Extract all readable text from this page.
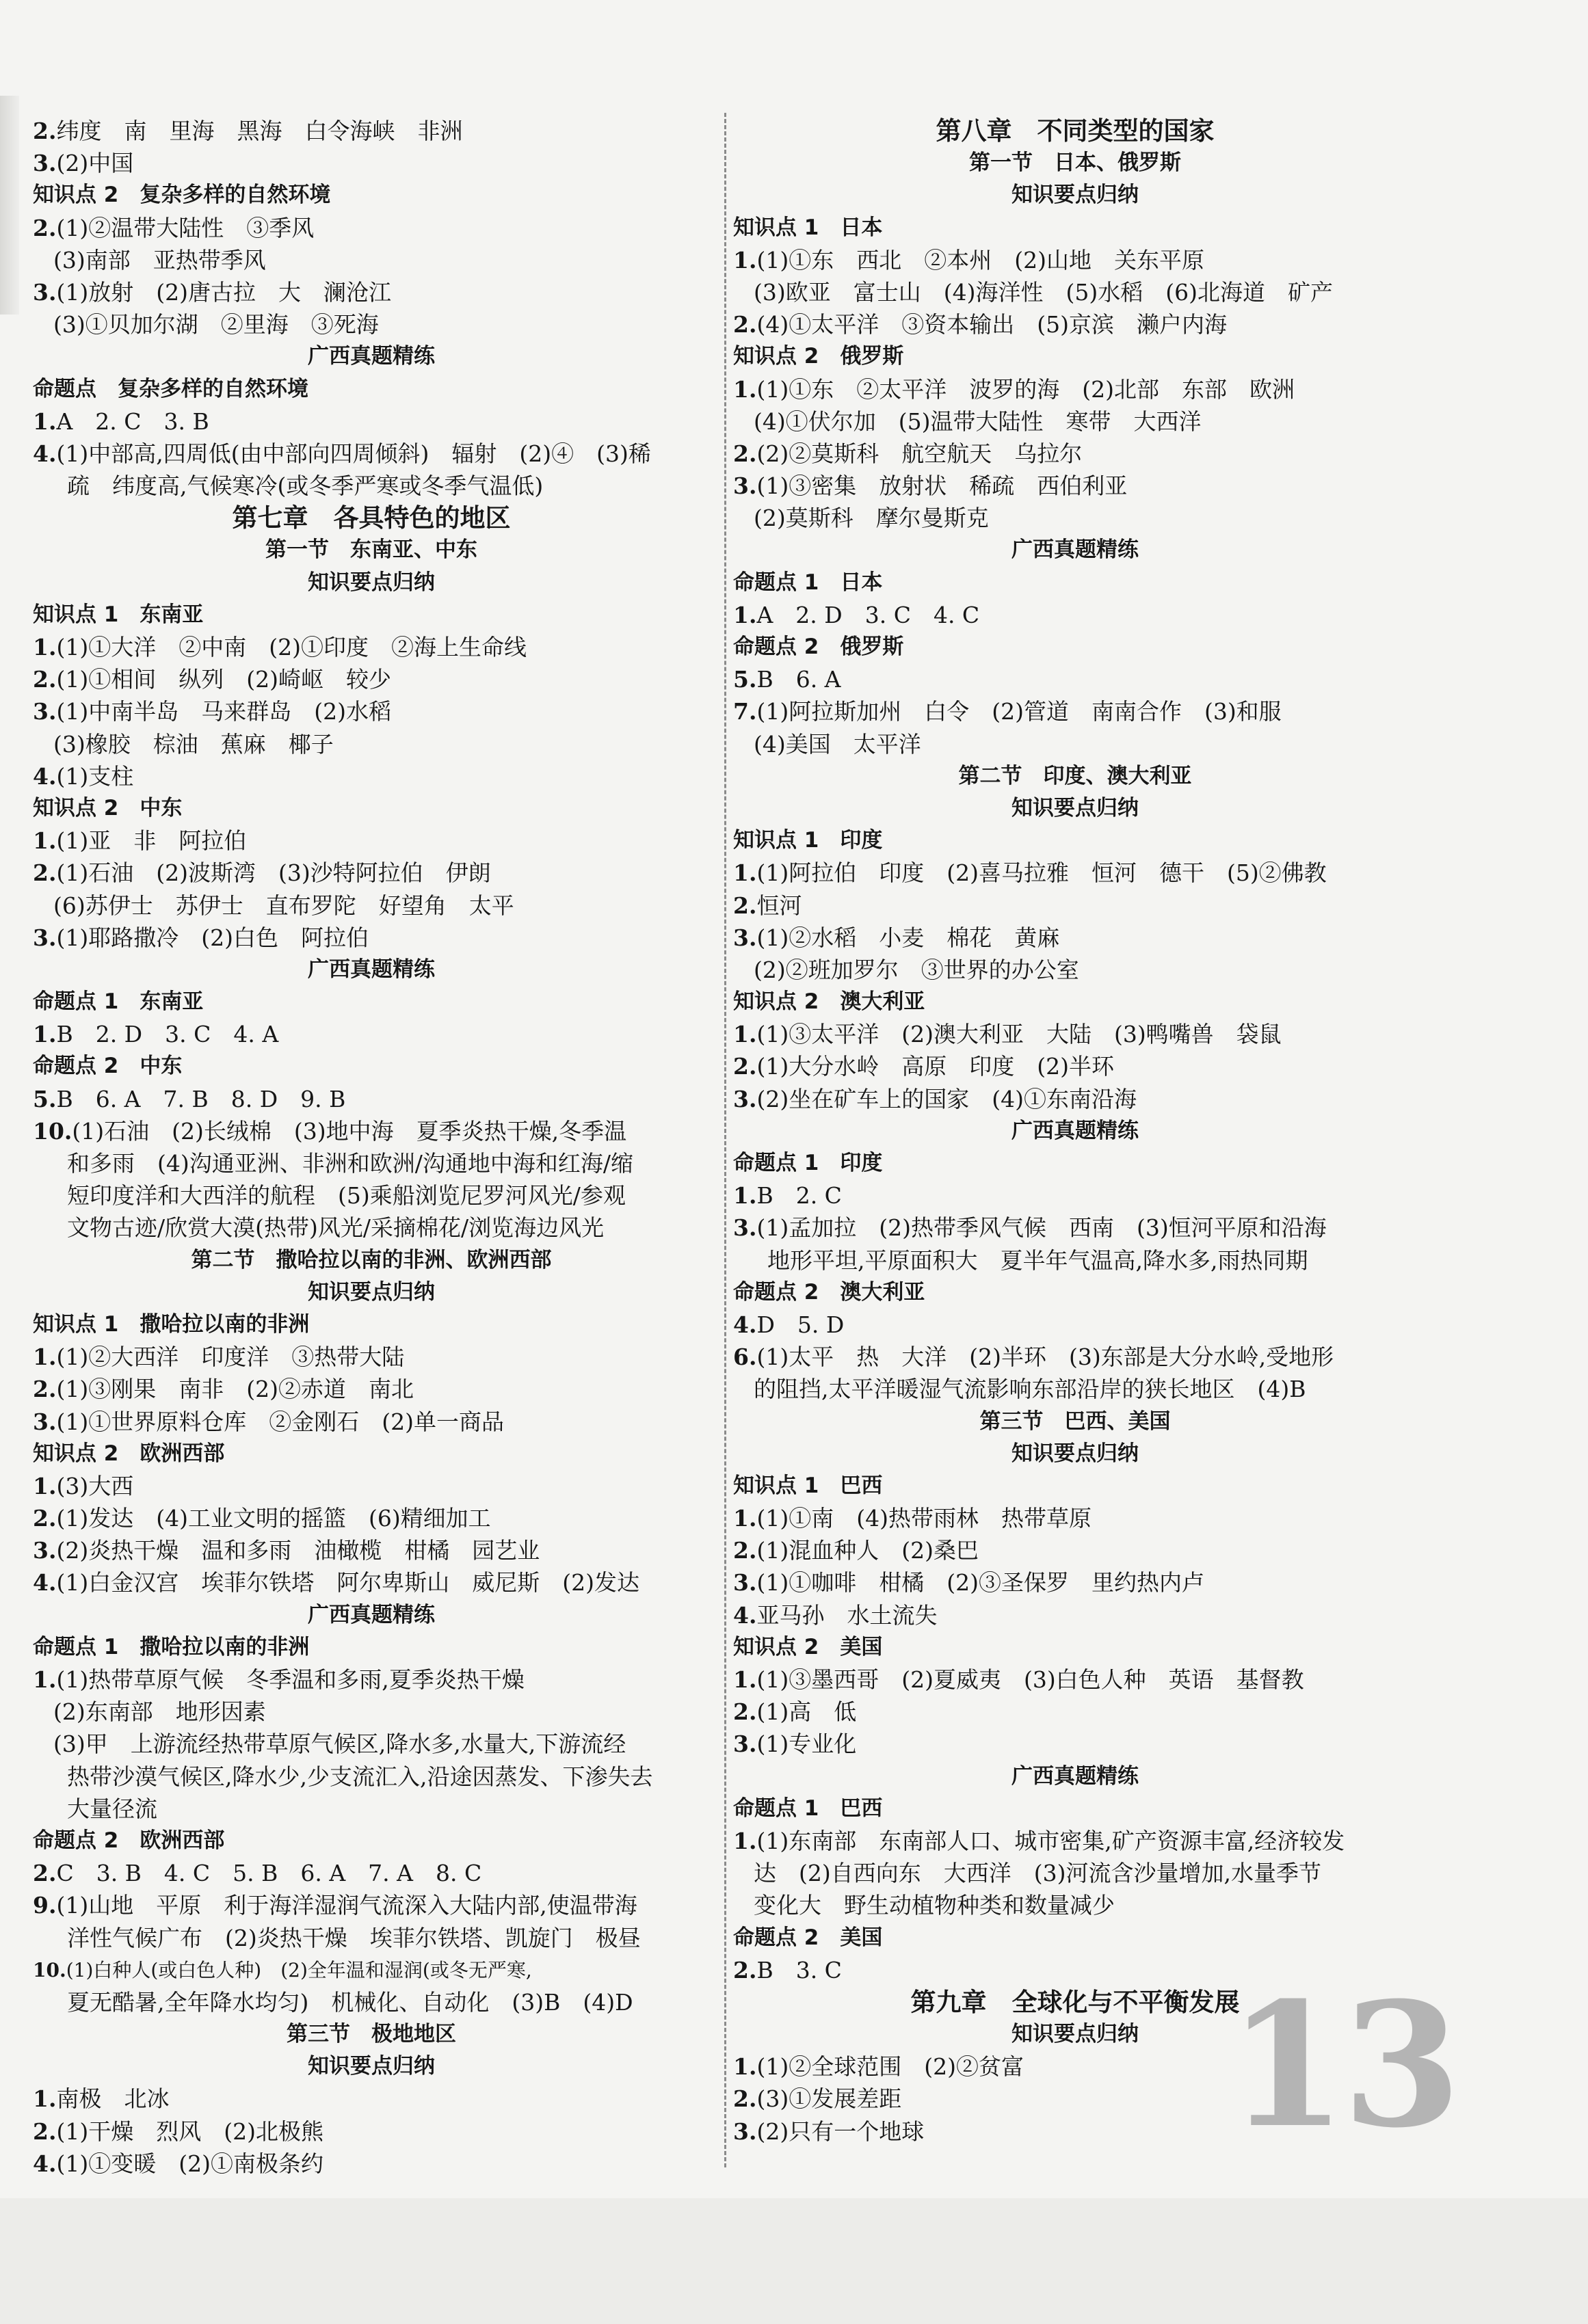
2.纬度　南　里海　黑海　白令海峡　非洲
3.(2)中国
知识点 2　复杂多样的自然环境
2.(1)②温带大陆性　③季风
(3)南部　亚热带季风
3.(1)放射　(2)唐古拉　大　澜沧江
(3)①贝加尔湖　②里海　③死海
广西真题精练
命题点　复杂多样的自然环境
1.A　2. C　3. B
4.(1)中部高,四周低(由中部向四周倾斜)　辐射　(2)④　(3)稀
疏　纬度高,气候寒冷(或冬季严寒或冬季气温低)
第七章　各具特色的地区
第一节　东南亚、中东
知识要点归纳
知识点 1　东南亚
1.(1)①大洋　②中南　(2)①印度　②海上生命线
2.(1)①相间　纵列　(2)崎岖　较少
3.(1)中南半岛　马来群岛　(2)水稻
(3)橡胶　棕油　蕉麻　椰子
4.(1)支柱
知识点 2　中东
1.(1)亚　非　阿拉伯
2.(1)石油　(2)波斯湾　(3)沙特阿拉伯　伊朗
(6)苏伊士　苏伊士　直布罗陀　好望角　太平
3.(1)耶路撒冷　(2)白色　阿拉伯
广西真题精练
命题点 1　东南亚
1.B　2. D　3. C　4. A
命题点 2　中东
5.B　6. A　7. B　8. D　9. B
10.(1)石油　(2)长绒棉　(3)地中海　夏季炎热干燥,冬季温
和多雨　(4)沟通亚洲、非洲和欧洲/沟通地中海和红海/缩
短印度洋和大西洋的航程　(5)乘船浏览尼罗河风光/参观
文物古迹/欣赏大漠(热带)风光/采摘棉花/浏览海边风光
第二节　撒哈拉以南的非洲、欧洲西部
知识要点归纳
知识点 1　撒哈拉以南的非洲
1.(1)②大西洋　印度洋　③热带大陆
2.(1)③刚果　南非　(2)②赤道　南北
3.(1)①世界原料仓库　②金刚石　(2)单一商品
知识点 2　欧洲西部
1.(3)大西
2.(1)发达　(4)工业文明的摇篮　(6)精细加工
3.(2)炎热干燥　温和多雨　油橄榄　柑橘　园艺业
4.(1)白金汉宫　埃菲尔铁塔　阿尔卑斯山　威尼斯　(2)发达
广西真题精练
命题点 1　撒哈拉以南的非洲
1.(1)热带草原气候　冬季温和多雨,夏季炎热干燥
(2)东南部　地形因素
(3)甲　上游流经热带草原气候区,降水多,水量大,下游流经
热带沙漠气候区,降水少,少支流汇入,沿途因蒸发、下渗失去
大量径流
命题点 2　欧洲西部
2.C　3. B　4. C　5. B　6. A　7. A　8. C
9.(1)山地　平原　利于海洋湿润气流深入大陆内部,使温带海
洋性气候广布　(2)炎热干燥　埃菲尔铁塔、凯旋门　极昼
10.(1)白种人(或白色人种)　(2)全年温和湿润(或冬无严寒,
夏无酷暑,全年降水均匀)　机械化、自动化　(3)B　(4)D
第三节　极地地区
知识要点归纳
1.南极　北冰
2.(1)干燥　烈风　(2)北极熊
4.(1)①变暖　(2)①南极条约
第八章　不同类型的国家
第一节　日本、俄罗斯
知识要点归纳
知识点 1　日本
1.(1)①东　西北　②本州　(2)山地　关东平原
(3)欧亚　富士山　(4)海洋性　(5)水稻　(6)北海道　矿产
2.(4)①太平洋　③资本输出　(5)京滨　濑户内海
知识点 2　俄罗斯
1.(1)①东　②太平洋　波罗的海　(2)北部　东部　欧洲
(4)①伏尔加　(5)温带大陆性　寒带　大西洋
2.(2)②莫斯科　航空航天　乌拉尔
3.(1)③密集　放射状　稀疏　西伯利亚
(2)莫斯科　摩尔曼斯克
广西真题精练
命题点 1　日本
1.A　2. D　3. C　4. C
命题点 2　俄罗斯
5.B　6. A
7.(1)阿拉斯加州　白令　(2)管道　南南合作　(3)和服
(4)美国　太平洋
第二节　印度、澳大利亚
知识要点归纳
知识点 1　印度
1.(1)阿拉伯　印度　(2)喜马拉雅　恒河　德干　(5)②佛教
2.恒河
3.(1)②水稻　小麦　棉花　黄麻
(2)②班加罗尔　③世界的办公室
知识点 2　澳大利亚
1.(1)③太平洋　(2)澳大利亚　大陆　(3)鸭嘴兽　袋鼠
2.(1)大分水岭　高原　印度　(2)半环
3.(2)坐在矿车上的国家　(4)①东南沿海
广西真题精练
命题点 1　印度
1.B　2. C
3.(1)孟加拉　(2)热带季风气候　西南　(3)恒河平原和沿海
地形平坦,平原面积大　夏半年气温高,降水多,雨热同期
命题点 2　澳大利亚
4.D　5. D
6.(1)太平　热　大洋　(2)半环　(3)东部是大分水岭,受地形
的阻挡,太平洋暖湿气流影响东部沿岸的狭长地区　(4)B
第三节　巴西、美国
知识要点归纳
知识点 1　巴西
1.(1)①南　(4)热带雨林　热带草原
2.(1)混血种人　(2)桑巴
3.(1)①咖啡　柑橘　(2)③圣保罗　里约热内卢
4.亚马孙　水土流失
知识点 2　美国
1.(1)③墨西哥　(2)夏威夷　(3)白色人种　英语　基督教
2.(1)高　低
3.(1)专业化
广西真题精练
命题点 1　巴西
1.(1)东南部　东南部人口、城市密集,矿产资源丰富,经济较发
达　(2)自西向东　大西洋　(3)河流含沙量增加,水量季节
变化大　野生动植物种类和数量减少
命题点 2　美国
2.B　3. C
第九章　全球化与不平衡发展
知识要点归纳
1.(1)②全球范围　(2)②贫富
2.(3)①发展差距
3.(2)只有一个地球	13
